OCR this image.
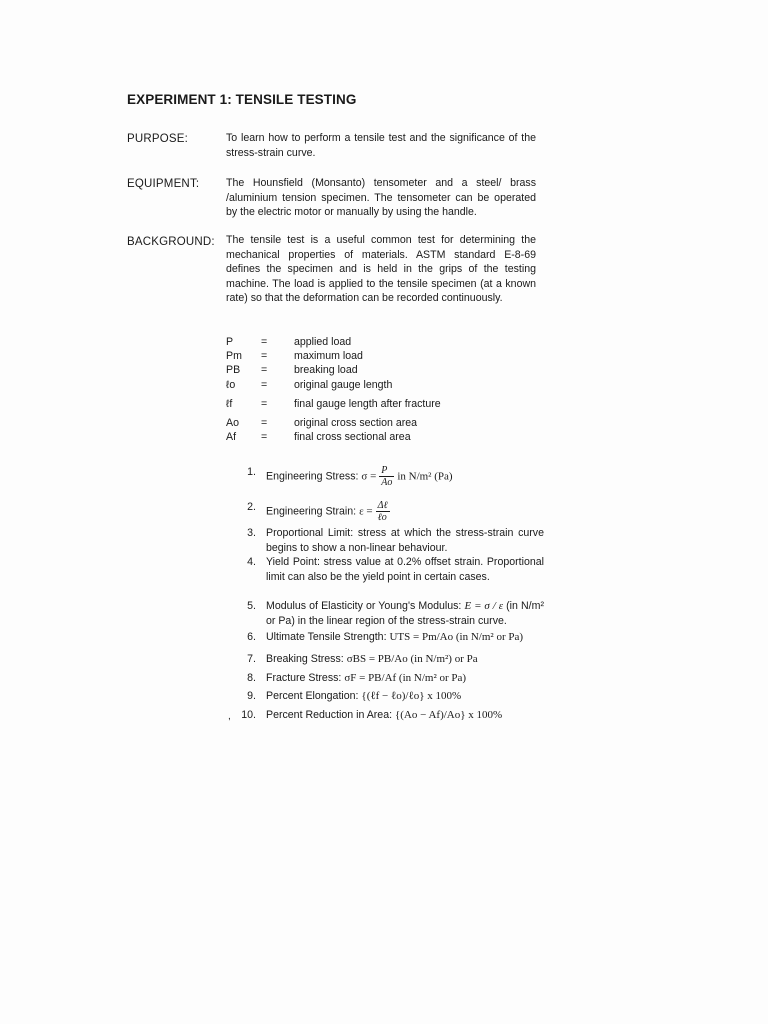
EXPERIMENT 1: TENSILE TESTING
PURPOSE:	To learn how to perform a tensile test and the significance of the stress-strain curve.
EQUIPMENT:	The Hounsfield (Monsanto) tensometer and a steel/ brass /aluminium tension specimen. The tensometer can be operated by the electric motor or manually by using the handle.
BACKGROUND: The tensile test is a useful common test for determining the mechanical properties of materials. ASTM standard E-8-69 defines the specimen and is held in the grips of the testing machine. The load is applied to the tensile specimen (at a known rate) so that the deformation can be recorded continuously.
P	=	applied load
Pm	=	maximum load
PB	=	breaking load
ℓo	=	original gauge length
ℓf	=	final gauge length after fracture
Ao	=	original cross section area
Af	=	final cross sectional area
1. Engineering Stress: $\sigma = \frac{P}{Ao}$ in N/m² (Pa)
2. Engineering Strain: $\varepsilon = \frac{\text{Δℓ}}{\text{ℓo}}$
3. Proportional Limit: stress at which the stress-strain curve begins to show a non-linear behaviour.
4. Yield Point: stress value at 0.2% offset strain. Proportional limit can also be the yield point in certain cases.
5. Modulus of Elasticity or Young's Modulus: E = σ / ε (in N/m² or Pa) in the linear region of the stress-strain curve.
6. Ultimate Tensile Strength: UTS = Pm/Ao (in N/m² or Pa)
7. Breaking Stress: σBS = PB/Ao (in N/m²) or Pa
8. Fracture Stress: σF = PB/Af (in N/m² or Pa)
9. Percent Elongation: {(ℓf − ℓo)/ℓo} x 100%
, 10. Percent Reduction in Area: {(Ao − Af)/Ao} x 100%
